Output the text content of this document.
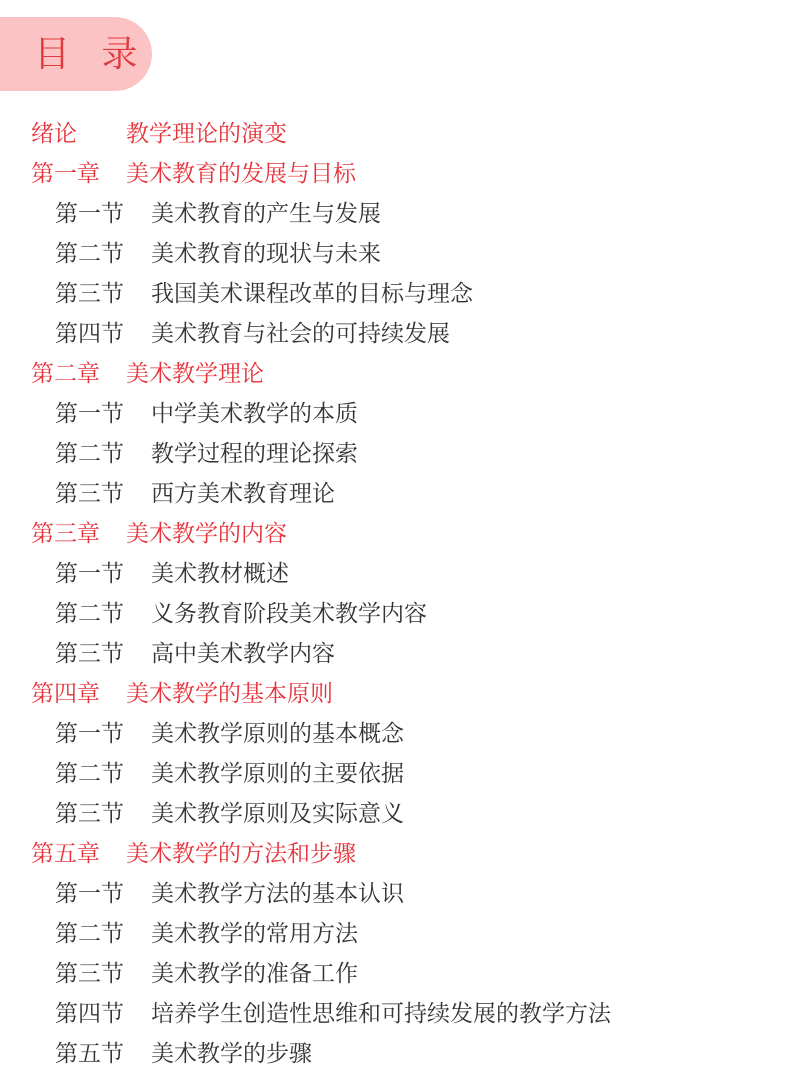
目 录
绪论 教学理论的演变
第一章 美术教育的发展与目标
第一节 美术教育的产生与发展
第二节 美术教育的现状与未来
第三节 我国美术课程改革的目标与理念
第四节 美术教育与社会的可持续发展
第二章 美术教学理论
第一节 中学美术教学的本质
第二节 教学过程的理论探索
第三节 西方美术教育理论
第三章 美术教学的内容
第一节 美术教材概述
第二节 义务教育阶段美术教学内容
第三节 高中美术教学内容
第四章 美术教学的基本原则
第一节 美术教学原则的基本概念
第二节 美术教学原则的主要依据
第三节 美术教学原则及实际意义
第五章 美术教学的方法和步骤
第一节 美术教学方法的基本认识
第二节 美术教学的常用方法
第三节 美术教学的准备工作
第四节 培养学生创造性思维和可持续发展的教学方法
第五节 美术教学的步骤
